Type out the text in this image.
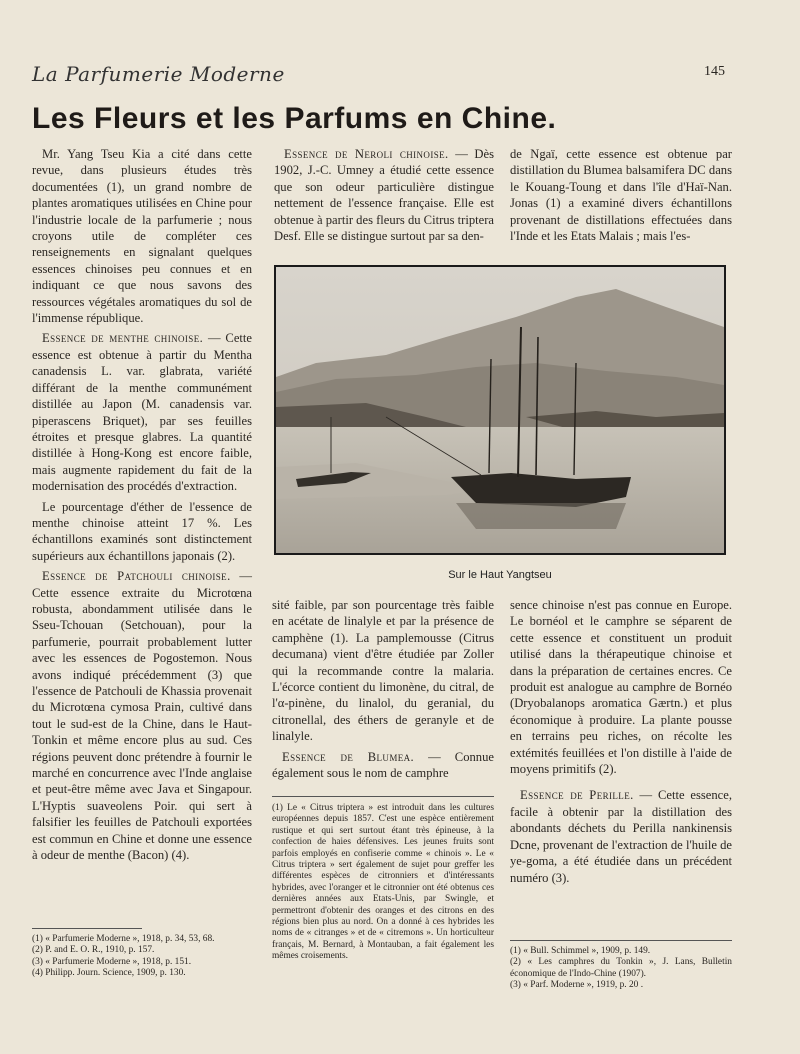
La Parfumerie Moderne	145
Les Fleurs et les Parfums en Chine.

Mr. Yang Tseu Kia a cité dans cette revue, dans plusieurs études très documentées (1), un grand nombre de plantes aromatiques utilisées en Chine pour l'industrie locale de la parfumerie ; nous croyons utile de compléter ces renseignements en signalant quelques essences chinoises peu connues et en indiquant ce que nous savons des ressources végétales aromatiques du sol de l'immense république.

Essence de menthe chinoise. — Cette essence est obtenue à partir du Mentha canadensis L. var. glabrata, variété différant de la menthe communément distillée au Japon (M. canadensis var. piperascens Briquet), par ses feuilles étroites et presque glabres. La quantité distillée à Hong-Kong est encore faible, mais augmente rapidement du fait de la modernisation des procédés d'extraction.

Le pourcentage d'éther de l'essence de menthe chinoise atteint 17 %. Les échantillons examinés sont distinctement supérieurs aux échantillons japonais (2).

Essence de Patchouli chinoise. — Cette essence extraite du Microtœna robusta, abondamment utilisée dans le Sseu-Tchouan (Setchouan), pour la parfumerie, pourrait probablement lutter avec les essences de Pogostemon. Nous avons indiqué précédemment (3) que l'essence de Patchouli de Khassia provenait du Microtœna cymosa Prain, cultivé dans tout le sud-est de la Chine, dans le Haut-Tonkin et même encore plus au sud. Ces régions peuvent donc prétendre à fournir le marché en concurrence avec l'Inde anglaise et peut-être même avec Java et Singapour. L'Hyptis suaveolens Poir. qui sert à falsifier les feuilles de Patchouli exportées est commun en Chine et donne une essence à odeur de menthe (Bacon) (4).

(1) « Parfumerie Moderne », 1918, p. 34, 53, 68.
(2) P. and E. O. R., 1910, p. 157.
(3) « Parfumerie Moderne », 1918, p. 151.
(4) Philipp. Journ. Science, 1909, p. 130.

Essence de Neroli chinoise. — Dès 1902, J.-C. Umney a étudié cette essence que son odeur particulière distingue nettement de l'essence française. Elle est obtenue à partir des fleurs du Citrus triptera Desf. Elle se distingue surtout par sa den-

de Ngaï, cette essence est obtenue par distillation du Blumea balsamifera DC dans le Kouang-Toung et dans l'île d'Haï-Nan. Jonas (1) a examiné divers échantillons provenant de distillations effectuées dans l'Inde et les Etats Malais ; mais l'es-

Sur le Haut Yangtseu

sité faible, par son pourcentage très faible en acétate de linalyle et par la présence de camphène (1). La pamplemousse (Citrus decumana) vient d'être étudiée par Zoller qui la recommande contre la malaria. L'écorce contient du limonène, du citral, de l'α-pinène, du linalol, du geranial, du citronellal, des éthers de geranyle et de linalyle.

Essence de Blumea. — Connue également sous le nom de camphre

(1) Le « Citrus triptera » est introduit dans les cultures européennes depuis 1857. C'est une espèce entièrement rustique et qui sert surtout étant très épineuse, à la confection de haies défensives. Les jeunes fruits sont parfois employés en confiserie comme « chinois ». Le « Citrus triptera » sert également de sujet pour greffer les différentes espèces de citronniers et d'intéressants hybrides, avec l'oranger et le citronnier ont été obtenus ces dernières années aux Etats-Unis, par Swingle, et permettront d'obtenir des oranges et des citrons en des régions bien plus au nord. On a donné à ces hybrides les noms de « citranges » et de « citremons ». Un horticulteur français, M. Bernard, à Montauban, a fait également les mêmes croisements.

sence chinoise n'est pas connue en Europe. Le bornéol et le camphre se séparent de cette essence et constituent un produit utilisé dans la thérapeutique chinoise et dans la préparation de certaines encres. Ce produit est analogue au camphre de Bornéo (Dryobalanops aromatica Gærtn.) et plus économique à produire. La plante pousse en terrains peu riches, on récolte les extémités feuillées et l'on distille à l'aide de moyens primitifs (2).

Essence de Perille. — Cette essence, facile à obtenir par la distillation des abondants déchets du Perilla nankinensis Dcne, provenant de l'extraction de l'huile de ye-goma, a été étudiée dans un précédent numéro (3).

(1) « Bull. Schimmel », 1909, p. 149.
(2) « Les camphres du Tonkin », J. Lans, Bulletin économique de l'Indo-Chine (1907).
(3) « Parf. Moderne », 1919, p. 20 .
